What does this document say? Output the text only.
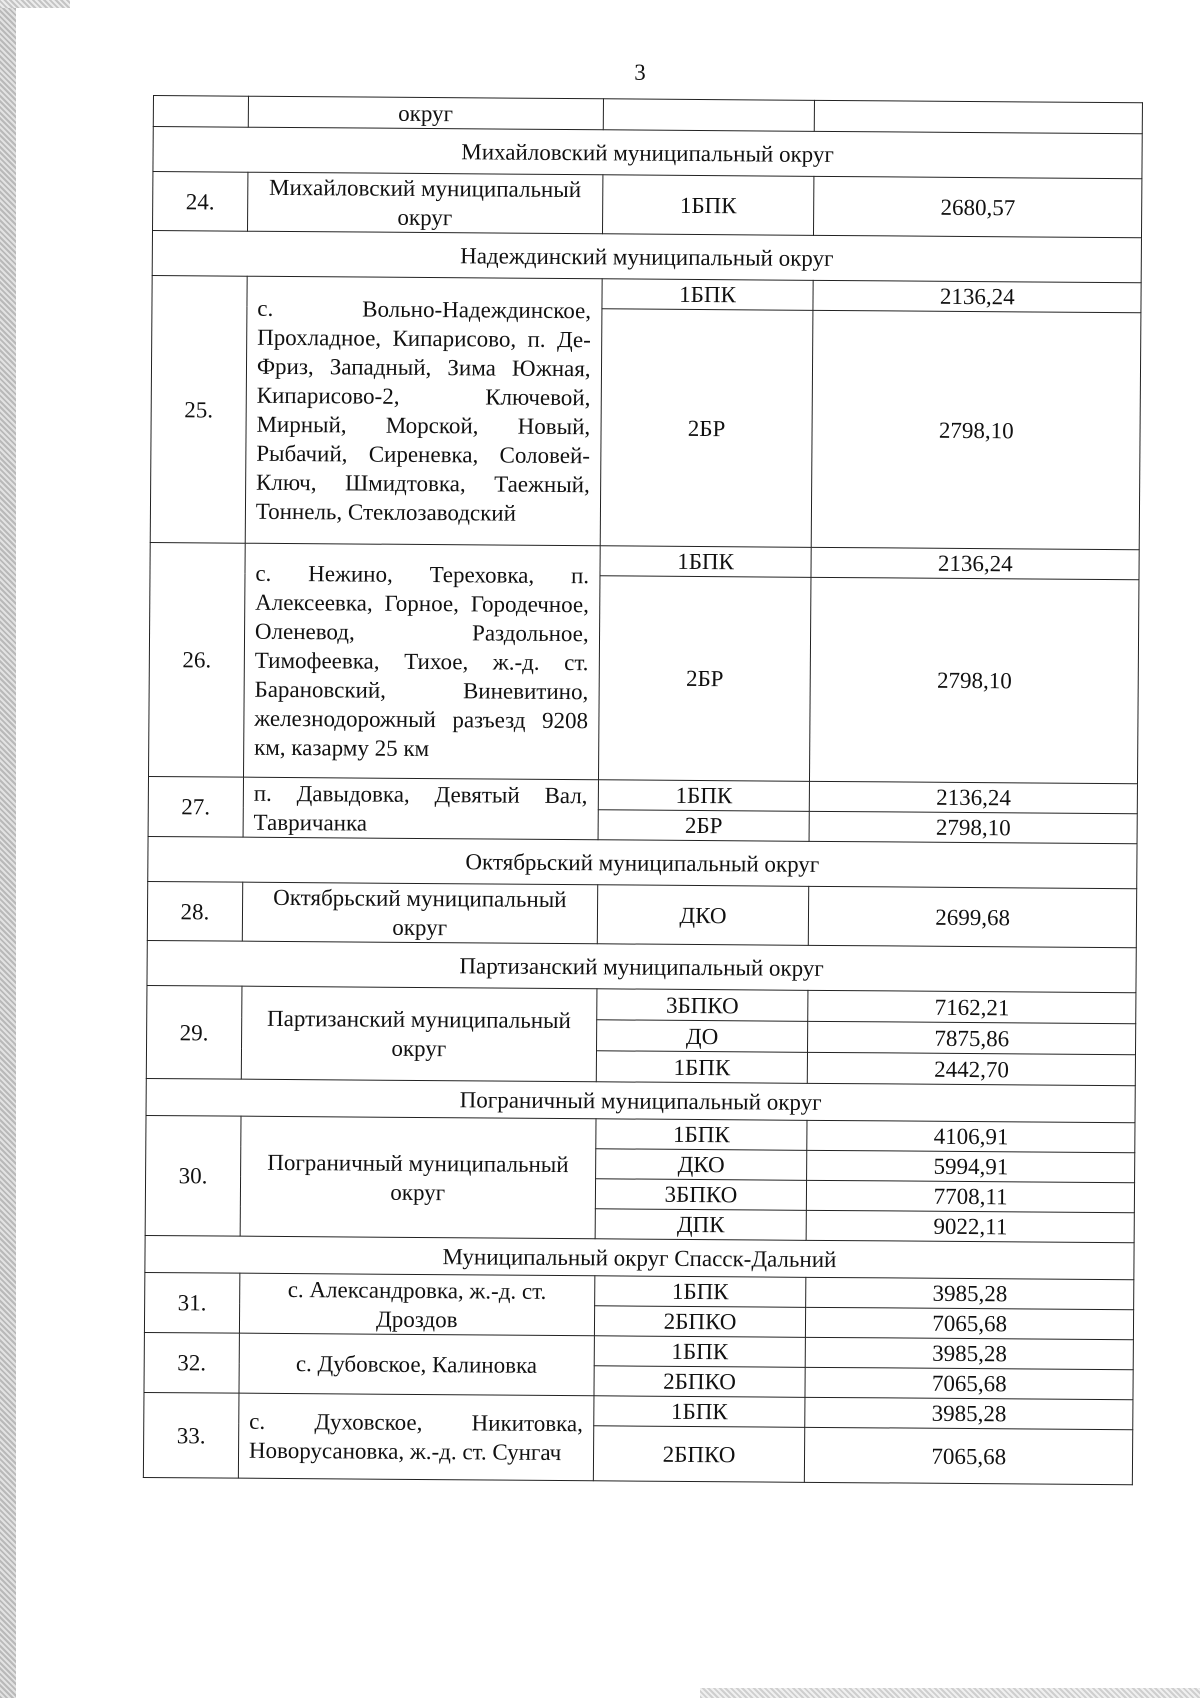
3
	округ		
Михайловский муниципальный округ			
24.	Михайловский муниципальный округ	1БПК	2680,57
Надеждинский муниципальный округ			
25.	с. Вольно-Надеждинское, Прохладное, Кипарисово, п. Де-Фриз, Западный, Зима Южная, Кипарисово-2, Ключевой, Мирный, Морской, Новый, Рыбачий, Сиреневка, Соловей-Ключ, Шмидтовка, Таежный, Тоннель, Стеклозаводский	1БПК	2136,24
		2БР	2798,10
26.	с. Нежино, Тереховка, п. Алексеевка, Горное, Городечное, Оленевод, Раздольное, Тимофеевка, Тихое, ж.-д. ст. Барановский, Виневитино, железнодорожный разъезд 9208 км, казарму 25 км	1БПК	2136,24
		2БР	2798,10
27.	п. Давыдовка, Девятый Вал, Тавричанка	1БПК	2136,24
		2БР	2798,10
Октябрьский муниципальный округ			
28.	Октябрьский муниципальный округ	ДКО	2699,68
Партизанский муниципальный округ			
29.	Партизанский муниципальный округ	3БПКО	7162,21
		ДО	7875,86
		1БПК	2442,70
Пограничный муниципальный округ			
30.	Пограничный муниципальный округ	1БПК	4106,91
		ДКО	5994,91
		3БПКО	7708,11
		ДПК	9022,11
Муниципальный округ Спасск-Дальний			
31.	с. Александровка, ж.-д. ст. Дроздов	1БПК	3985,28
		2БПКО	7065,68
32.	с. Дубовское, Калиновка	1БПК	3985,28
		2БПКО	7065,68
33.	с. Духовское, Никитовка, Новорусановка, ж.-д. ст. Сунгач	1БПК	3985,28
		2БПКО	7065,68
